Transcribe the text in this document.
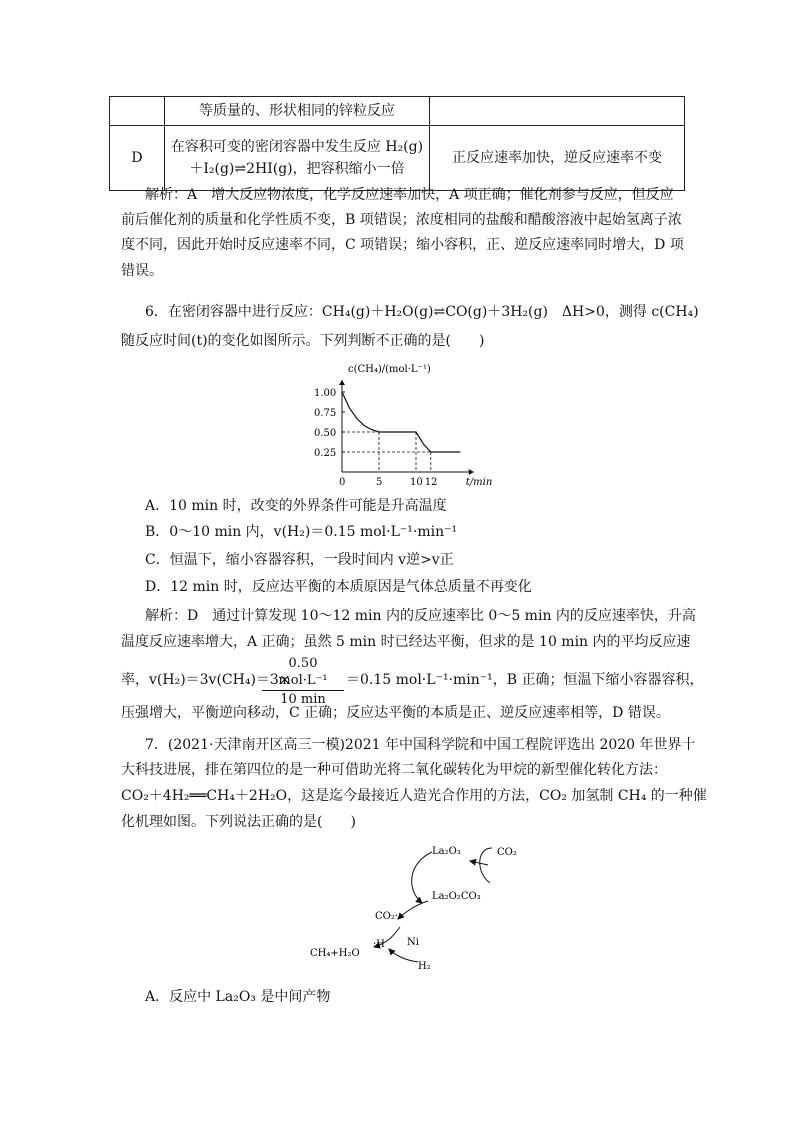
	等质量的、形状相同的锌粒反应	
D	在容积可变的密闭容器中发生反应 H₂(g)
＋I₂(g)⇌2HI(g)，把容积缩小一倍	正反应速率加快，逆反应速率不变
解析：A　增大反应物浓度，化学反应速率加快，A 项正确；催化剂参与反应，但反应
前后催化剂的质量和化学性质不变，B 项错误；浓度相同的盐酸和醋酸溶液中起始氢离子浓
度不同，因此开始时反应速率不同，C 项错误；缩小容积，正、逆反应速率同时增大，D 项
错误。
6．在密闭容器中进行反应：CH₄(g)＋H₂O(g)⇌CO(g)＋3H₂(g)　ΔH>0，测得 c(CH₄)
随反应时间(t)的变化如图所示。下列判断不正确的是(　　)
1.00
0.75
0.50
0.25
0	5	10 12
c(CH₄)/(mol·L⁻¹)
t/min
A．10 min 时，改变的外界条件可能是升高温度
B．0～10 min 内，v(H₂)＝0.15 mol·L⁻¹·min⁻¹
C．恒温下，缩小容器容积，一段时间内 v逆>v正
D．12 min 时，反应达平衡的本质原因是气体总质量不再变化
解析：D　通过计算发现 10～12 min 内的反应速率比 0～5 min 内的反应速率快，升高
温度反应速率增大，A 正确；虽然 5 min 时已经达平衡，但求的是 10 min 内的平均反应速
率，v(H₂)＝3v(CH₄)＝3×
0.50 mol·L⁻¹
10 min
＝0.15 mol·L⁻¹·min⁻¹，B 正确；恒温下缩小容器容积，
压强增大，平衡逆向移动，C 正确；反应达平衡的本质是正、逆反应速率相等，D 错误。
7．(2021·天津南开区高三一模)2021 年中国科学院和中国工程院评选出 2020 年世界十
大科技进展，排在第四位的是一种可借助光将二氧化碳转化为甲烷的新型催化转化方法：
CO₂＋4H₂══CH₄＋2H₂O，这是迄今最接近人造光合作用的方法，CO₂ 加氢制 CH₄ 的一种催
化机理如图。下列说法正确的是(　　)
La₂O₃	CO₂
La₂O₂CO₃
CO₂·
CH₄+H₂O
·H Ni
H₂
A．反应中 La₂O₃ 是中间产物
